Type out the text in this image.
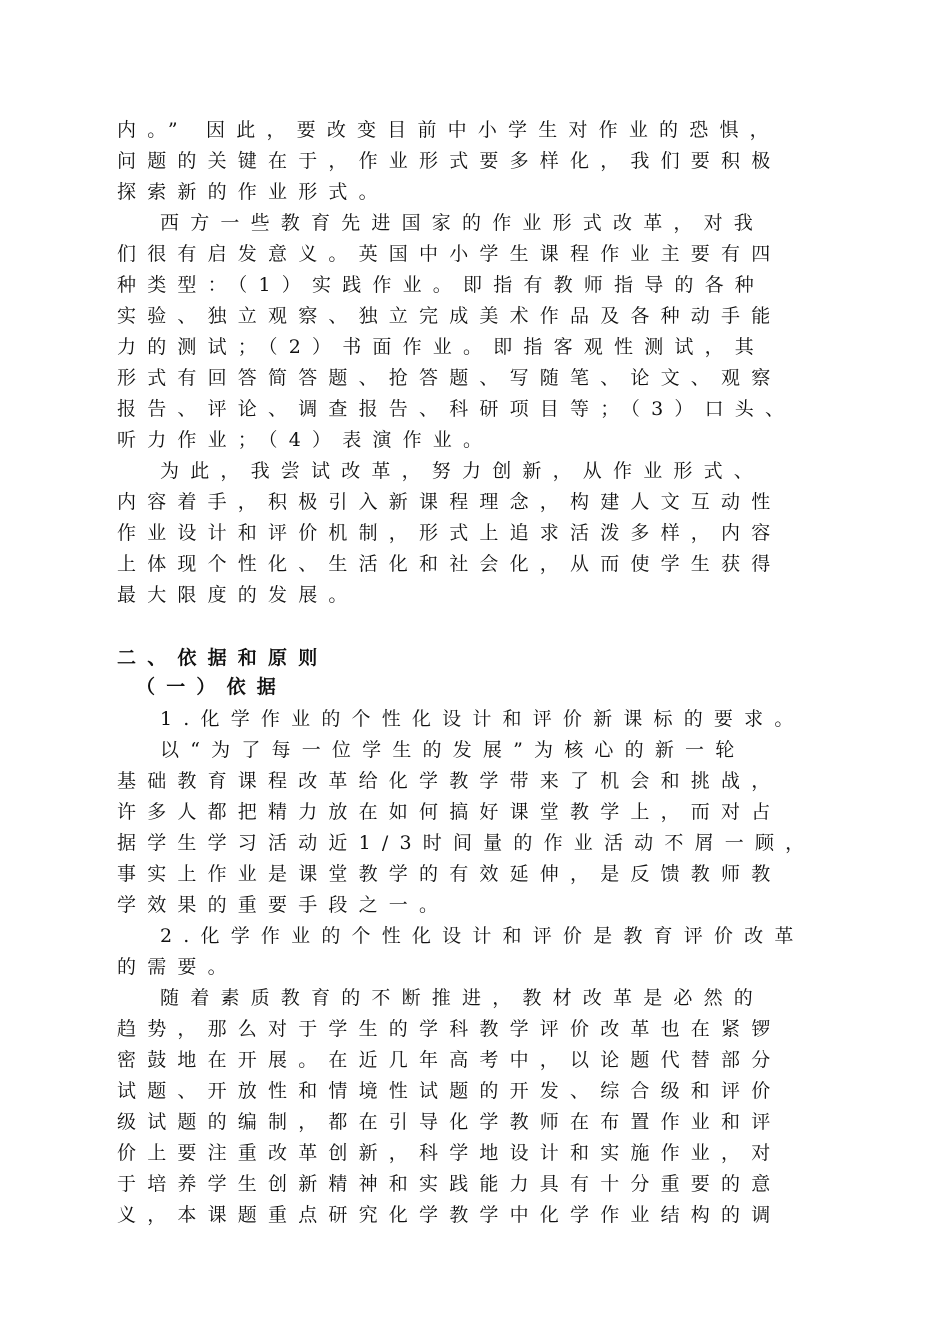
内。” 因此，要改变目前中小学生对作业的恐惧，
问题的关键在于，作业形式要多样化，我们要积极
探索新的作业形式。
西方一些教育先进国家的作业形式改革，对我
们很有启发意义。英国中小学生课程作业主要有四
种类型：（1）实践作业。即指有教师指导的各种
实验、独立观察、独立完成美术作品及各种动手能
力的测试；（2）书面作业。即指客观性测试，其
形式有回答简答题、抢答题、写随笔、论文、观察
报告、评论、调查报告、科研项目等；（3）口头、
听力作业；（4）表演作业。
为此，我尝试改革，努力创新，从作业形式、
内容着手，积极引入新课程理念，构建人文互动性
作业设计和评价机制，形式上追求活泼多样，内容
上体现个性化、生活化和社会化，从而使学生获得
最大限度的发展。
二、依据和原则
（一）依据
1.化学作业的个性化设计和评价新课标的要求。
以“为了每一位学生的发展”为核心的新一轮
基础教育课程改革给化学教学带来了机会和挑战，
许多人都把精力放在如何搞好课堂教学上，而对占
据学生学习活动近1/3时间量的作业活动不屑一顾，
事实上作业是课堂教学的有效延伸，是反馈教师教
学效果的重要手段之一。
2.化学作业的个性化设计和评价是教育评价改革
的需要。
随着素质教育的不断推进，教材改革是必然的
趋势，那么对于学生的学科教学评价改革也在紧锣
密鼓地在开展。在近几年高考中，以论题代替部分
试题、开放性和情境性试题的开发、综合级和评价
级试题的编制，都在引导化学教师在布置作业和评
价上要注重改革创新，科学地设计和实施作业，对
于培养学生创新精神和实践能力具有十分重要的意
义，本课题重点研究化学教学中化学作业结构的调
